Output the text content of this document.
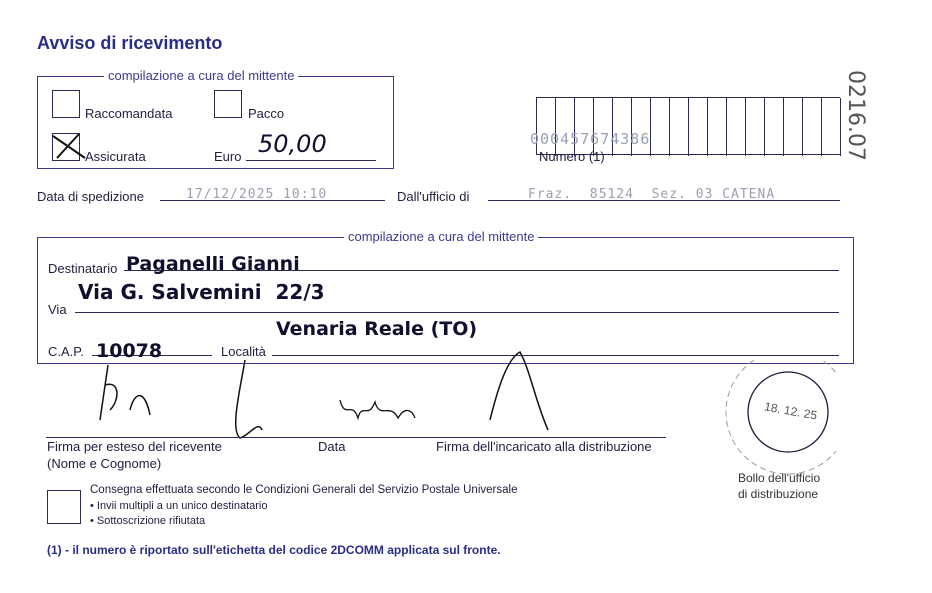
Avviso di ricevimento
compilazione a cura del mittente
Raccomandata	Pacco
Assicurata	Euro 50,00
	000457674386
Numero (1)
Data di spedizione	17/12/2025 10:10	Dall'ufficio di	Fraz.  85124  Sez. 03 CATENA
compilazione a cura del mittente
Destinatario Paganelli Gianni
Via
Via G. Salvemini  22/3
C.A.P. 10078	Località
Venaria Reale (TO)
Firma per esteso del ricevente
(Nome e Cognome)
Data	Firma dell'incaricato alla distribuzione
18. 12. 25
Bollo dell'ufficio
di distribuzione
Consegna effettuata secondo le Condizioni Generali del Servizio Postale Universale
• Invii multipli a un unico destinatario
• Sottoscrizione rifiutata
(1) - il numero è riportato sull'etichetta del codice 2DCOMM applicata sul fronte.
0216.07
